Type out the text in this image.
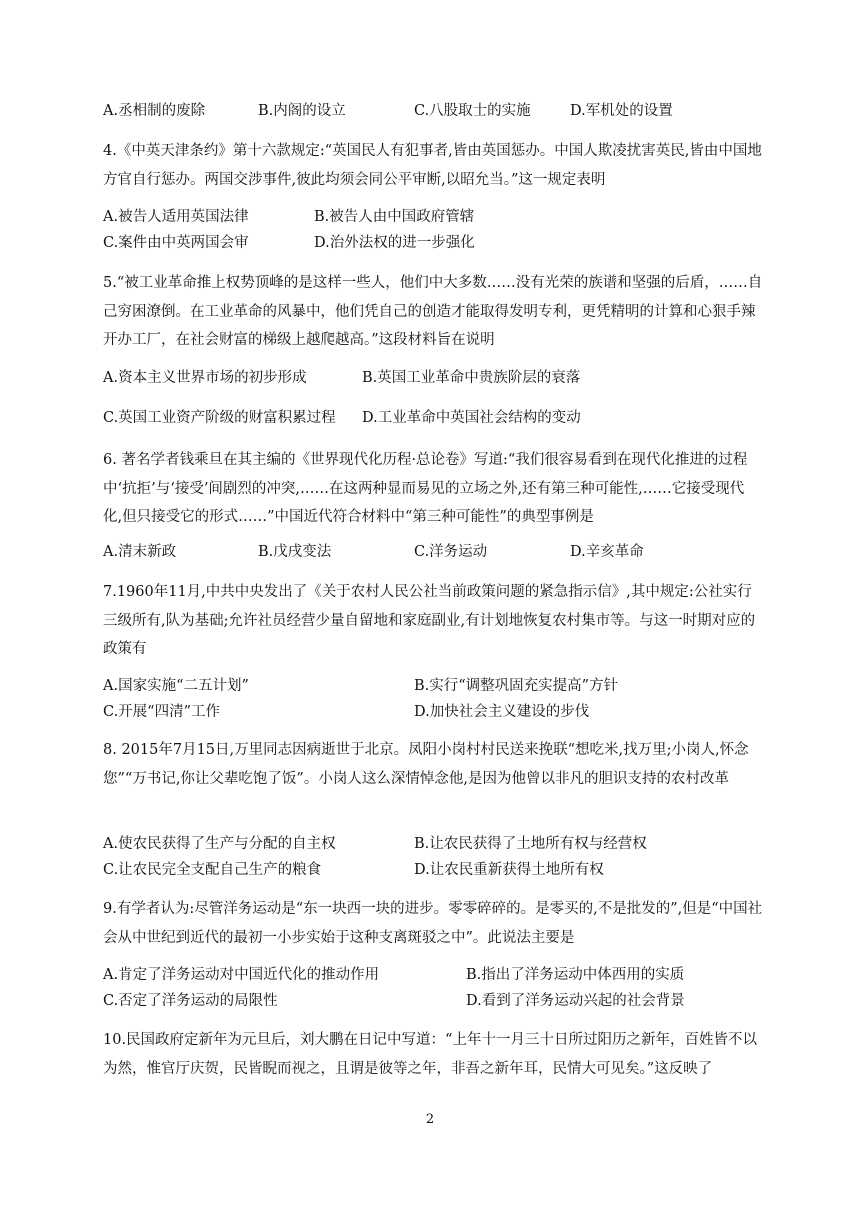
A.丞相制的废除	B.内阁的设立	C.八股取士的实施	D.军机处的设置

4.《中英天津条约》第十六款规定:“英国民人有犯事者,皆由英国惩办。中国人欺凌扰害英民,皆由中国地方官自行惩办。两国交涉事件,彼此均须会同公平审断,以昭允当。”这一规定表明

A.被告人适用英国法律	B.被告人由中国政府管辖
C.案件由中英两国会审	D.治外法权的进一步强化

5.“被工业革命推上权势顶峰的是这样一些人，他们中大多数……没有光荣的族谱和坚强的后盾，……自己穷困潦倒。在工业革命的风暴中，他们凭自己的创造才能取得发明专利，更凭精明的计算和心狠手辣开办工厂，在社会财富的梯级上越爬越高。”这段材料旨在说明

A.资本主义世界市场的初步形成	B.英国工业革命中贵族阶层的衰落
C.英国工业资产阶级的财富积累过程 D.工业革命中英国社会结构的变动

6. 著名学者钱乘旦在其主编的《世界现代化历程·总论卷》写道:“我们很容易看到在现代化推进的过程中‘抗拒’与‘接受’间剧烈的冲突,……在这两种显而易见的立场之外,还有第三种可能性,……它接受现代化,但只接受它的形式……”中国近代符合材料中“第三种可能性”的典型事例是

A.清末新政	B.戊戌变法	C.洋务运动	D.辛亥革命

7.1960年11月,中共中央发出了《关于农村人民公社当前政策问题的紧急指示信》,其中规定:公社实行三级所有,队为基础;允许社员经营少量自留地和家庭副业,有计划地恢复农村集市等。与这一时期对应的政策有

A.国家实施“二五计划”	B.实行“调整巩固充实提高”方针
C.开展“四清”工作	D.加快社会主义建设的步伐

8. 2015年7月15日,万里同志因病逝世于北京。凤阳小岗村村民送来挽联“想吃米,找万里;小岗人,怀念您”“万书记,你让父辈吃饱了饭”。小岗人这么深情悼念他,是因为他曾以非凡的胆识支持的农村改革

A.使农民获得了生产与分配的自主权	B.让农民获得了土地所有权与经营权
C.让农民完全支配自己生产的粮食	D.让农民重新获得土地所有权

9.有学者认为:尽管洋务运动是“东一块西一块的进步。零零碎碎的。是零买的,不是批发的”,但是“中国社会从中世纪到近代的最初一小步实始于这种支离斑驳之中”。此说法主要是

A.肯定了洋务运动对中国近代化的推动作用	B.指出了洋务运动中体西用的实质
C.否定了洋务运动的局限性	D.看到了洋务运动兴起的社会背景

10.民国政府定新年为元旦后，刘大鹏在日记中写道：“上年十一月三十日所过阳历之新年，百姓皆不以为然，惟官厅庆贺，民皆睨而视之，且谓是彼等之年，非吾之新年耳，民情大可见矣。”这反映了

2
